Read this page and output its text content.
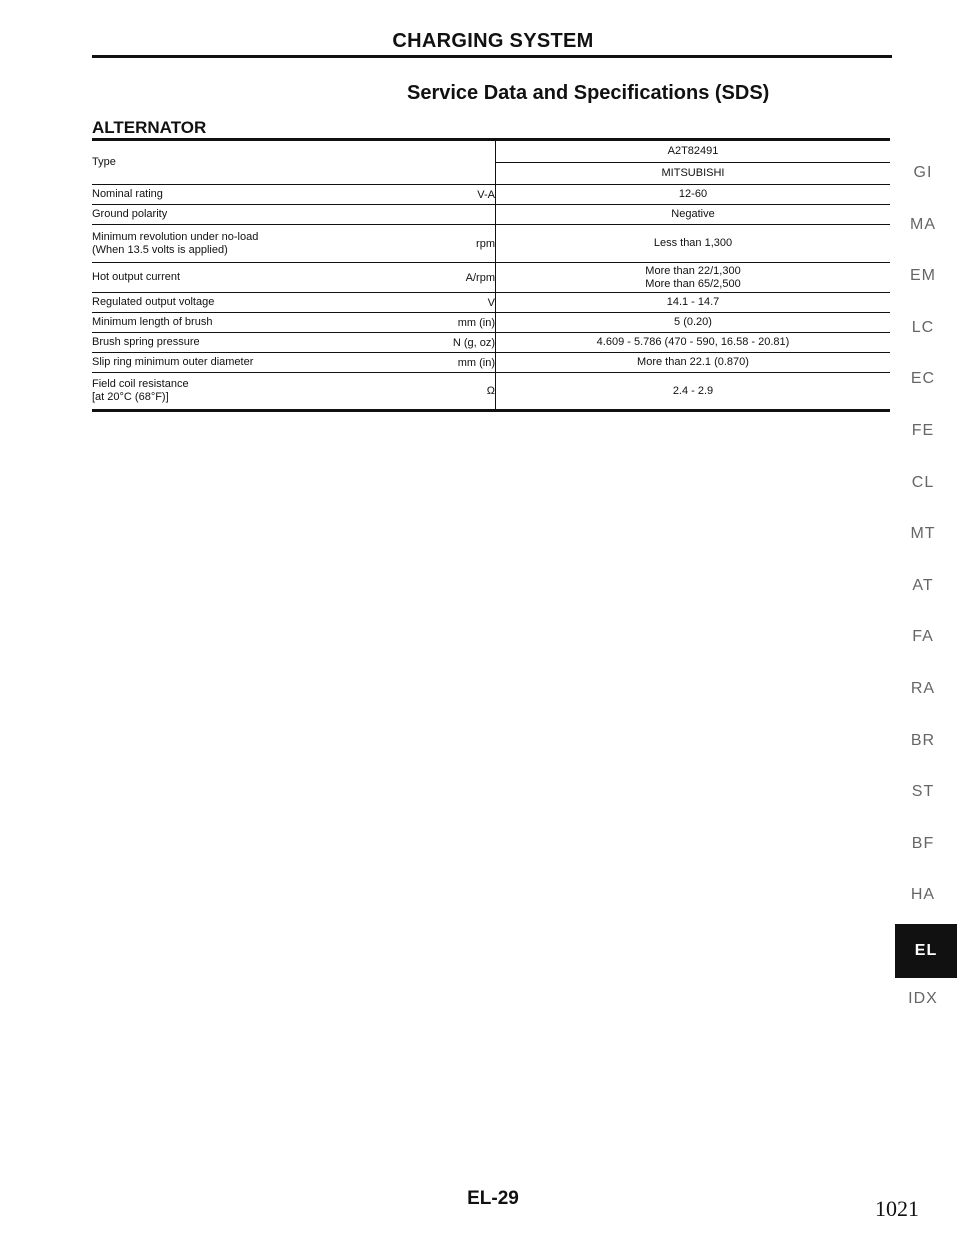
CHARGING SYSTEM
Service Data and Specifications (SDS)
ALTERNATOR
Type		A2T82491
MITSUBISHI

Nominal rating	V-A	12-60

Ground polarity		Negative

Minimum revolution under no-load
(When 13.5 volts is applied)	rpm	Less than 1,300

Hot output current	A/rpm	More than 22/1,300
More than 65/2,500

Regulated output voltage	V	14.1 - 14.7

Minimum length of brush	mm (in)	5 (0.20)

Brush spring pressure	N (g, oz)	4.609 - 5.786 (470 - 590, 16.58 - 20.81)

Slip ring minimum outer diameter	mm (in)	More than 22.1 (0.870)

Field coil resistance
[at 20°C (68°F)]	Ω	2.4 - 2.9
GI
MA
EM
LC
EC
FE
CL
MT
AT
FA
RA
BR
ST
BF
HA
EL
IDX
EL-29	1021
